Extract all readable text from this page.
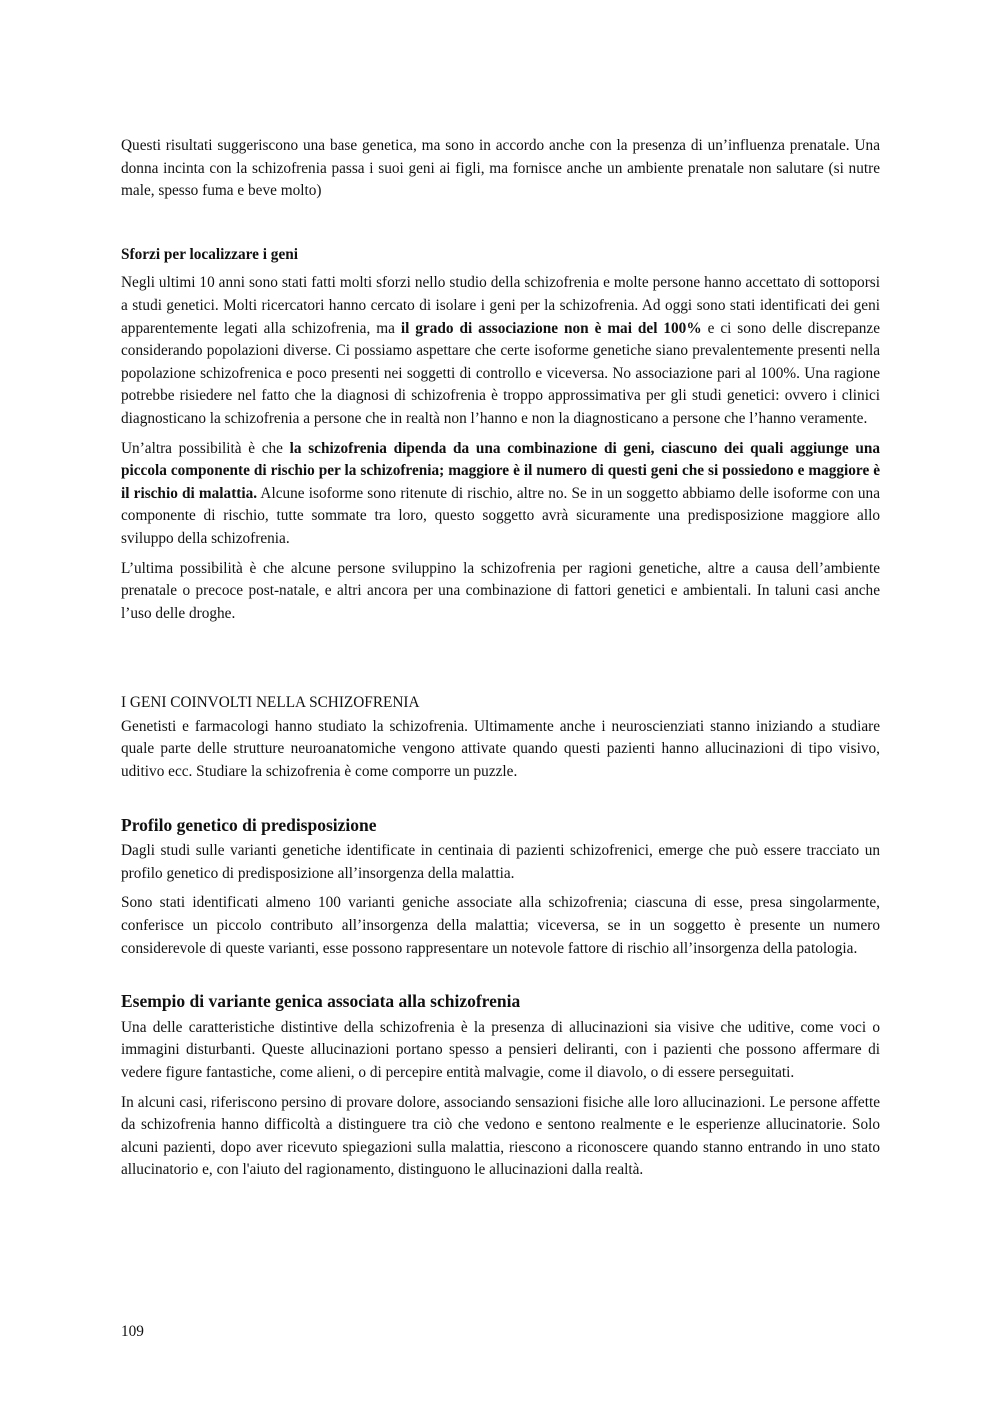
Questi risultati suggeriscono una base genetica, ma sono in accordo anche con la presenza di un’influenza prenatale. Una donna incinta con la schizofrenia passa i suoi geni ai figli, ma fornisce anche un ambiente prenatale non salutare (si nutre male, spesso fuma e beve molto)

Sforzi per localizzare i geni

Negli ultimi 10 anni sono stati fatti molti sforzi nello studio della schizofrenia e molte persone hanno accettato di sottoporsi a studi genetici. Molti ricercatori hanno cercato di isolare i geni per la schizofrenia. Ad oggi sono stati identificati dei geni apparentemente legati alla schizofrenia, ma il grado di associazione non è mai del 100% e ci sono delle discrepanze considerando popolazioni diverse. Ci possiamo aspettare che certe isoforme genetiche siano prevalentemente presenti nella popolazione schizofrenica e poco presenti nei soggetti di controllo e viceversa. No associazione pari al 100%. Una ragione potrebbe risiedere nel fatto che la diagnosi di schizofrenia è troppo approssimativa per gli studi genetici: ovvero i clinici diagnosticano la schizofrenia a persone che in realtà non l’hanno e non la diagnosticano a persone che l’hanno veramente.

Un’altra possibilità è che la schizofrenia dipenda da una combinazione di geni, ciascuno dei quali aggiunge una piccola componente di rischio per la schizofrenia; maggiore è il numero di questi geni che si possiedono e maggiore è il rischio di malattia. Alcune isoforme sono ritenute di rischio, altre no. Se in un soggetto abbiamo delle isoforme con una componente di rischio, tutte sommate tra loro, questo soggetto avrà sicuramente una predisposizione maggiore allo sviluppo della schizofrenia.

L’ultima possibilità è che alcune persone sviluppino la schizofrenia per ragioni genetiche, altre a causa dell’ambiente prenatale o precoce post-natale, e altri ancora per una combinazione di fattori genetici e ambientali. In taluni casi anche l’uso delle droghe.

I GENI COINVOLTI NELLA SCHIZOFRENIA

Genetisti e farmacologi hanno studiato la schizofrenia. Ultimamente anche i neuroscienziati stanno iniziando a studiare quale parte delle strutture neuroanatomiche vengono attivate quando questi pazienti hanno allucinazioni di tipo visivo, uditivo ecc. Studiare la schizofrenia è come comporre un puzzle.

Profilo genetico di predisposizione

Dagli studi sulle varianti genetiche identificate in centinaia di pazienti schizofrenici, emerge che può essere tracciato un profilo genetico di predisposizione all’insorgenza della malattia.

Sono stati identificati almeno 100 varianti geniche associate alla schizofrenia; ciascuna di esse, presa singolarmente, conferisce un piccolo contributo all’insorgenza della malattia; viceversa, se in un soggetto è presente un numero considerevole di queste varianti, esse possono rappresentare un notevole fattore di rischio all’insorgenza della patologia.

Esempio di variante genica associata alla schizofrenia

Una delle caratteristiche distintive della schizofrenia è la presenza di allucinazioni sia visive che uditive, come voci o immagini disturbanti. Queste allucinazioni portano spesso a pensieri deliranti, con i pazienti che possono affermare di vedere figure fantastiche, come alieni, o di percepire entità malvagie, come il diavolo, o di essere perseguitati.

In alcuni casi, riferiscono persino di provare dolore, associando sensazioni fisiche alle loro allucinazioni. Le persone affette da schizofrenia hanno difficoltà a distinguere tra ciò che vedono e sentono realmente e le esperienze allucinatorie. Solo alcuni pazienti, dopo aver ricevuto spiegazioni sulla malattia, riescono a riconoscere quando stanno entrando in uno stato allucinatorio e, con l'aiuto del ragionamento, distinguono le allucinazioni dalla realtà.

109
